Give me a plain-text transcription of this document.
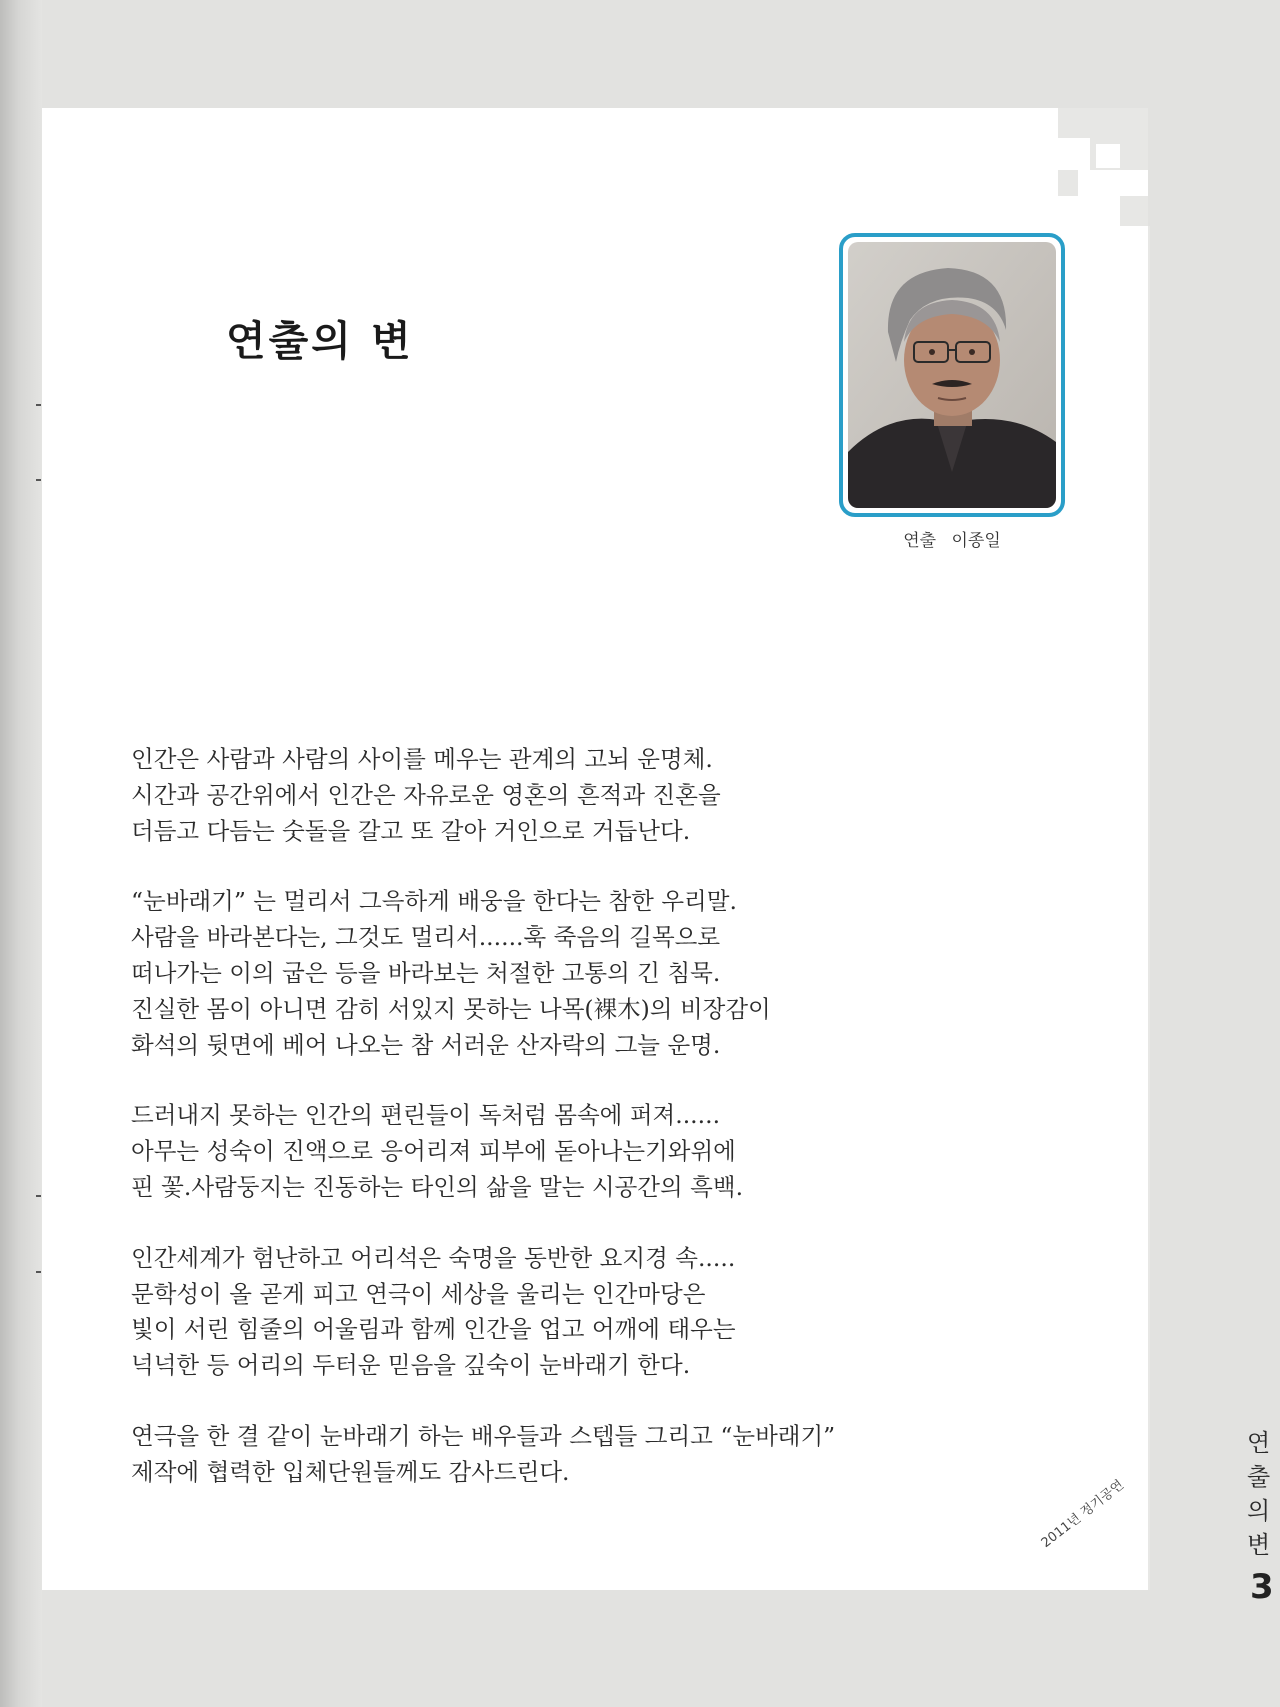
연출의 변
연출 이종일
인간은 사람과 사람의 사이를 메우는 관계의 고뇌 운명체.
시간과 공간위에서 인간은 자유로운 영혼의 흔적과 진혼을
더듬고 다듬는 숫돌을 갈고 또 갈아 거인으로 거듭난다.
“눈바래기” 는 멀리서 그윽하게 배웅을 한다는 참한 우리말.
사람을 바라본다는, 그것도 멀리서......훅 죽음의 길목으로
떠나가는 이의 굽은 등을 바라보는 처절한 고통의 긴 침묵.
진실한 몸이 아니면 감히 서있지 못하는 나목(裸木)의 비장감이
화석의 뒷면에 베어 나오는 참 서러운 산자락의 그늘 운명.
드러내지 못하는 인간의 편린들이 독처럼 몸속에 퍼져......
아무는 성숙이 진액으로 응어리져 피부에 돋아나는기와위에
핀 꽃.사람둥지는 진동하는 타인의 삶을 말는 시공간의 흑백.
인간세계가 험난하고 어리석은 숙명을 동반한 요지경 속.....
문학성이 올 곧게 피고 연극이 세상을 울리는 인간마당은
빛이 서린 힘줄의 어울림과 함께 인간을 업고 어깨에 태우는
넉넉한 등 어리의 두터운 믿음을 깊숙이 눈바래기 한다.
연극을 한 결 같이 눈바래기 하는 배우들과 스텝들 그리고 “눈바래기”
제작에 협력한 입체단원들께도 감사드린다.
연
출
의
변
2011년 정기공연
3
